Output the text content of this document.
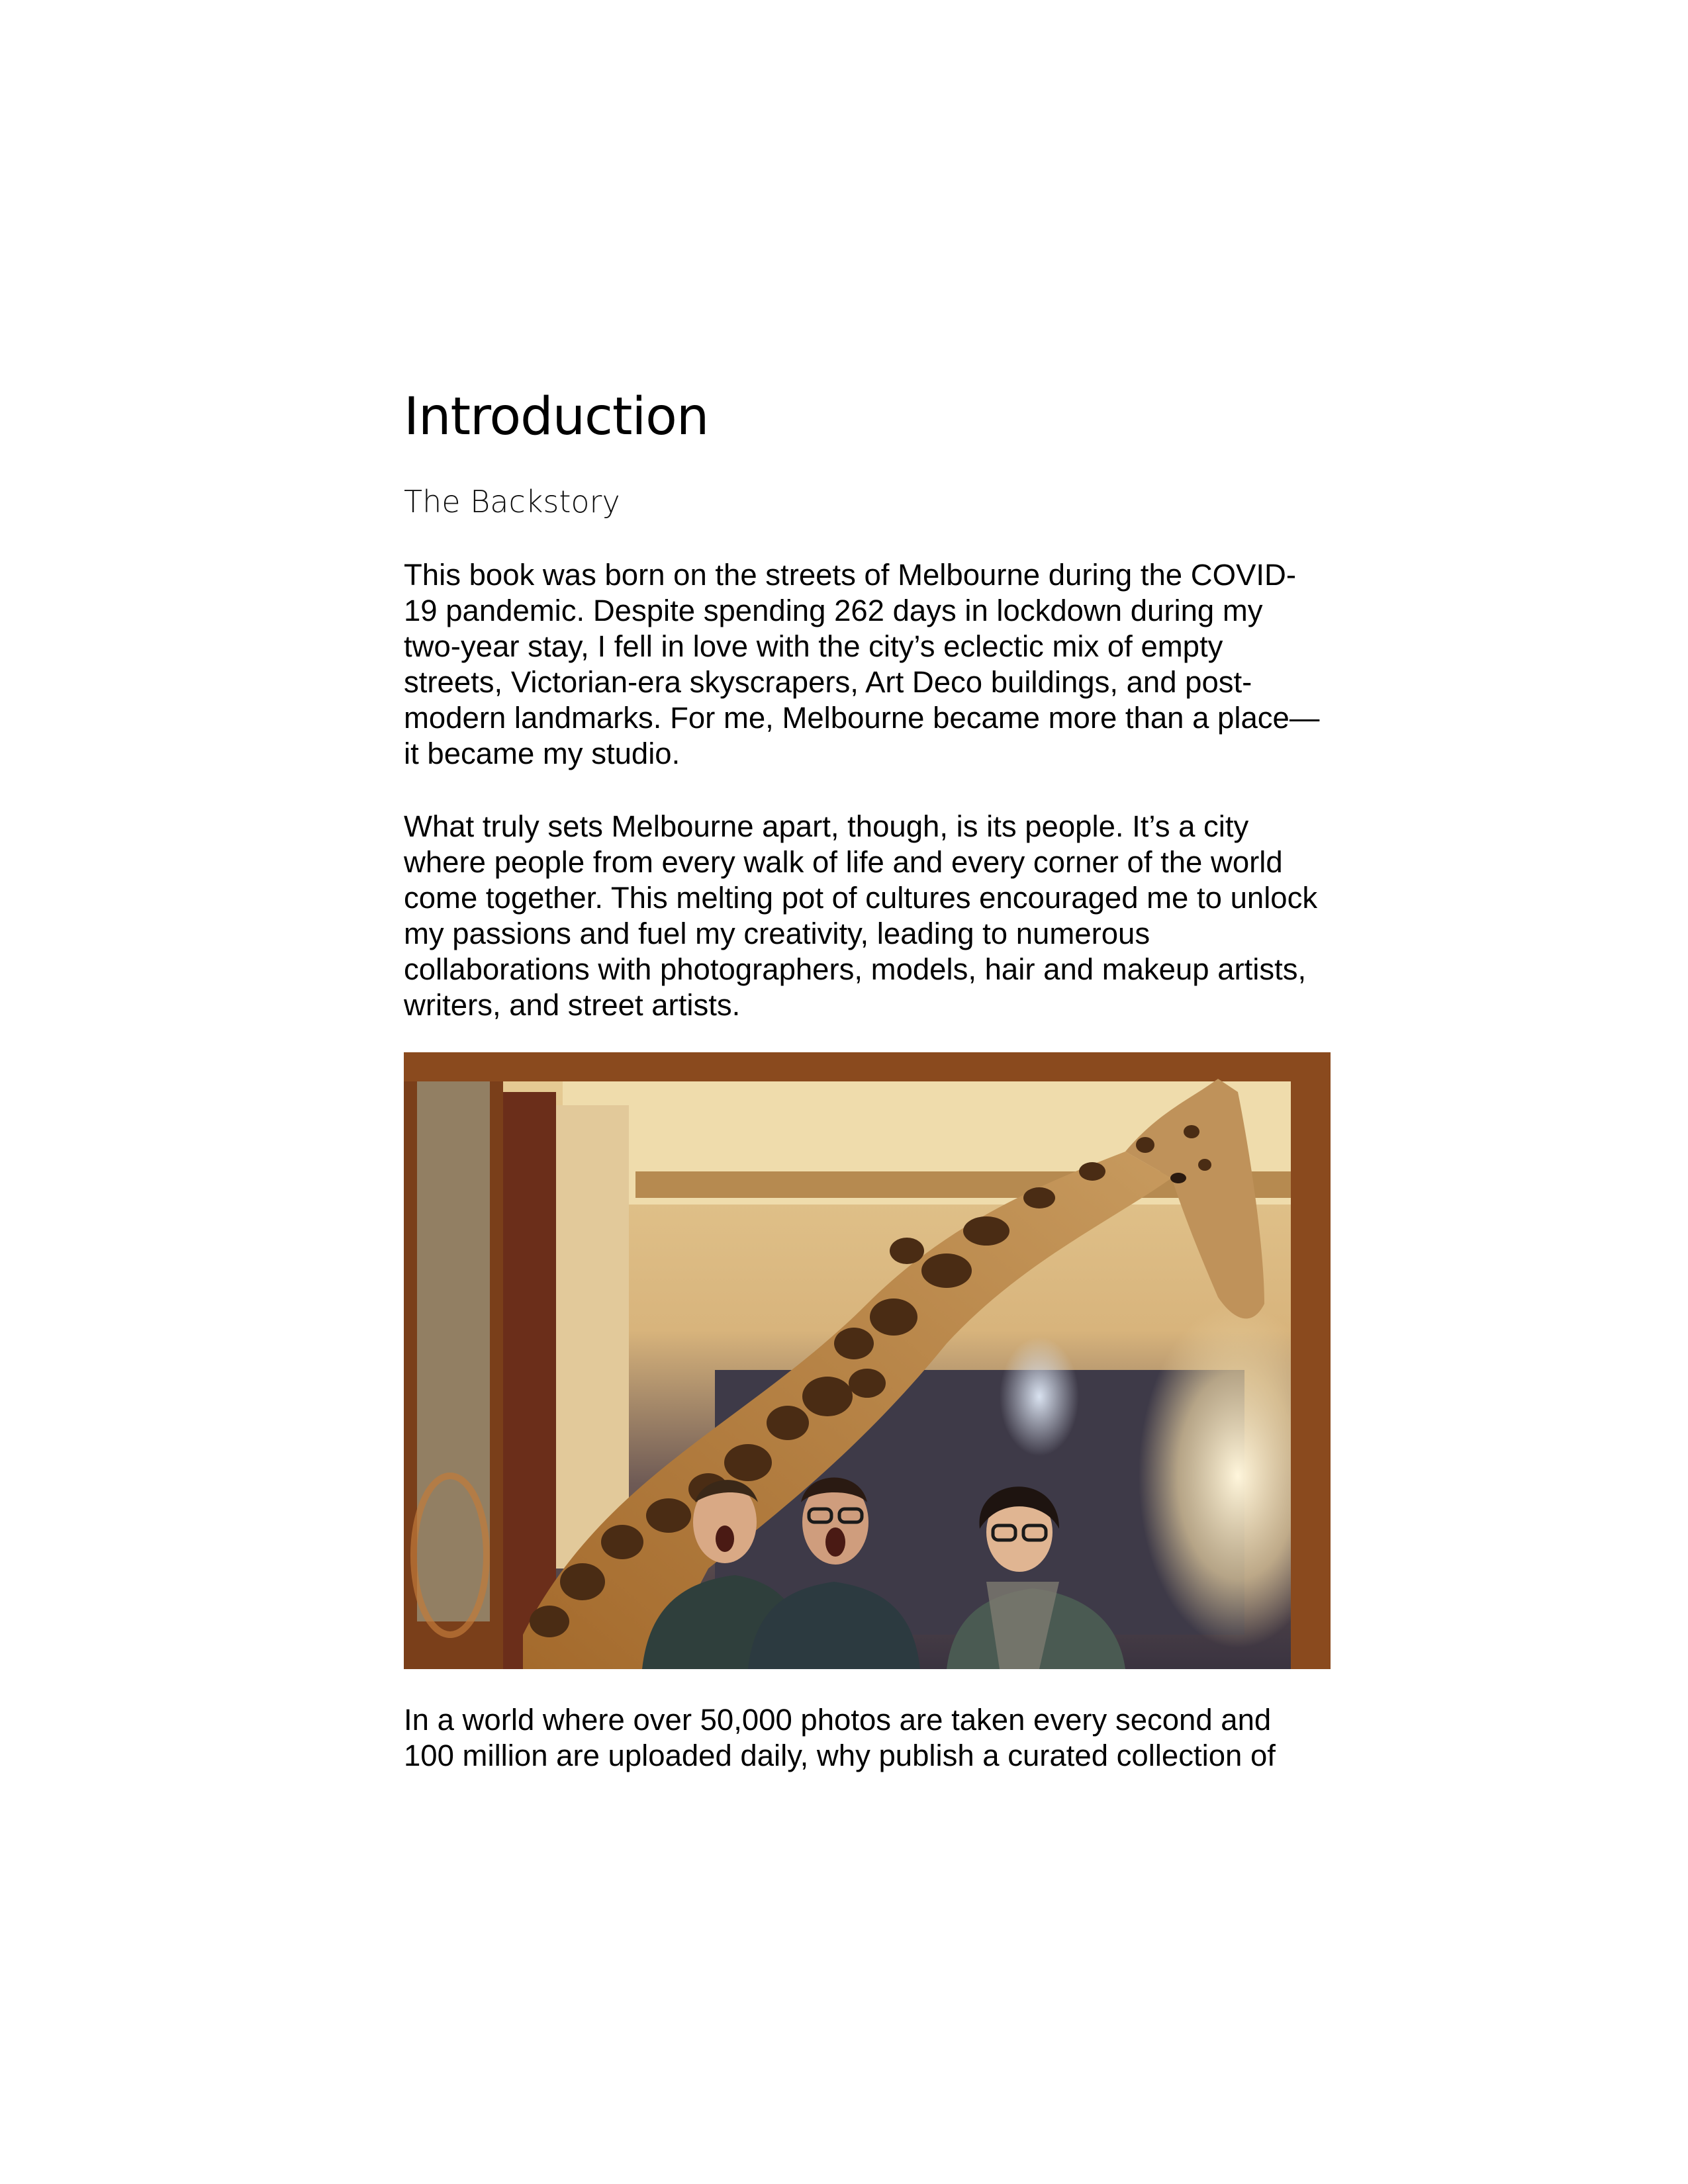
Introduction
The Backstory

This book was born on the streets of Melbourne during the COVID-
19 pandemic. Despite spending 262 days in lockdown during my
two-year stay, I fell in love with the city’s eclectic mix of empty
streets, Victorian-era skyscrapers, Art Deco buildings, and post-
modern landmarks. For me, Melbourne became more than a place—
it became my studio.

What truly sets Melbourne apart, though, is its people. It’s a city
where people from every walk of life and every corner of the world
come together. This melting pot of cultures encouraged me to unlock
my passions and fuel my creativity, leading to numerous
collaborations with photographers, models, hair and makeup artists,
writers, and street artists.

In a world where over 50,000 photos are taken every second and
100 million are uploaded daily, why publish a curated collection of
